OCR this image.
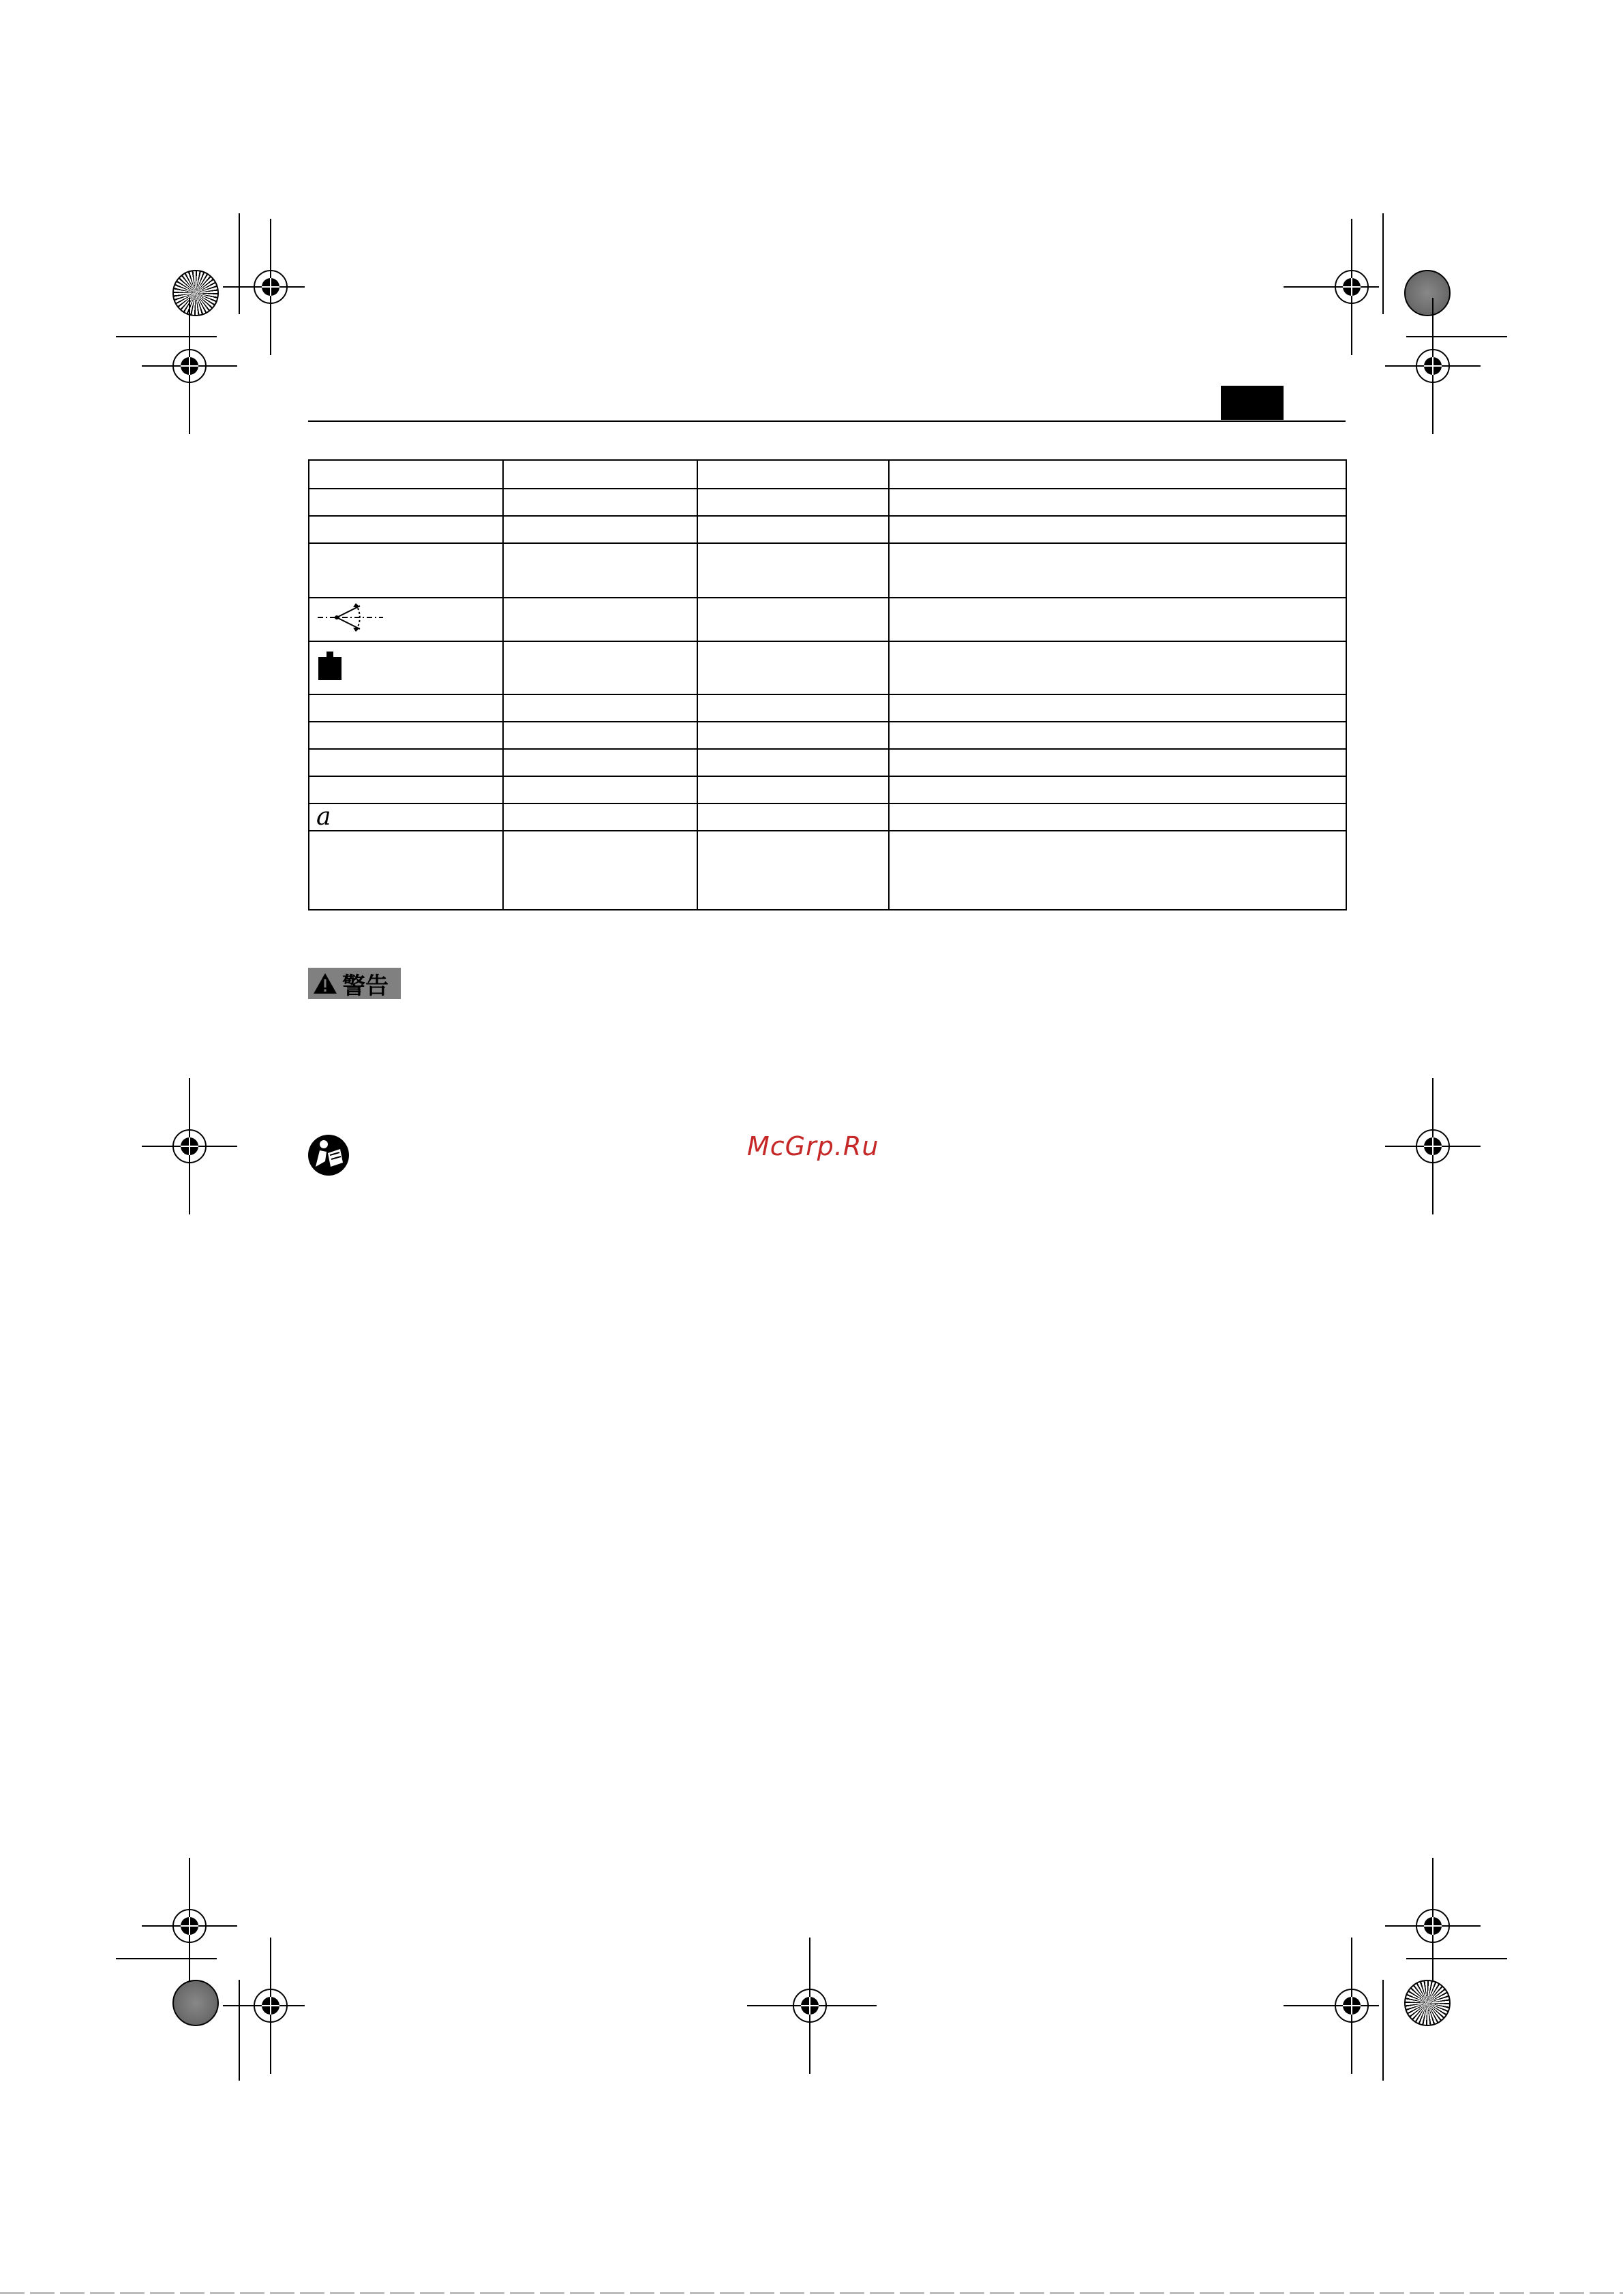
a			

警告
McGrp.Ru
